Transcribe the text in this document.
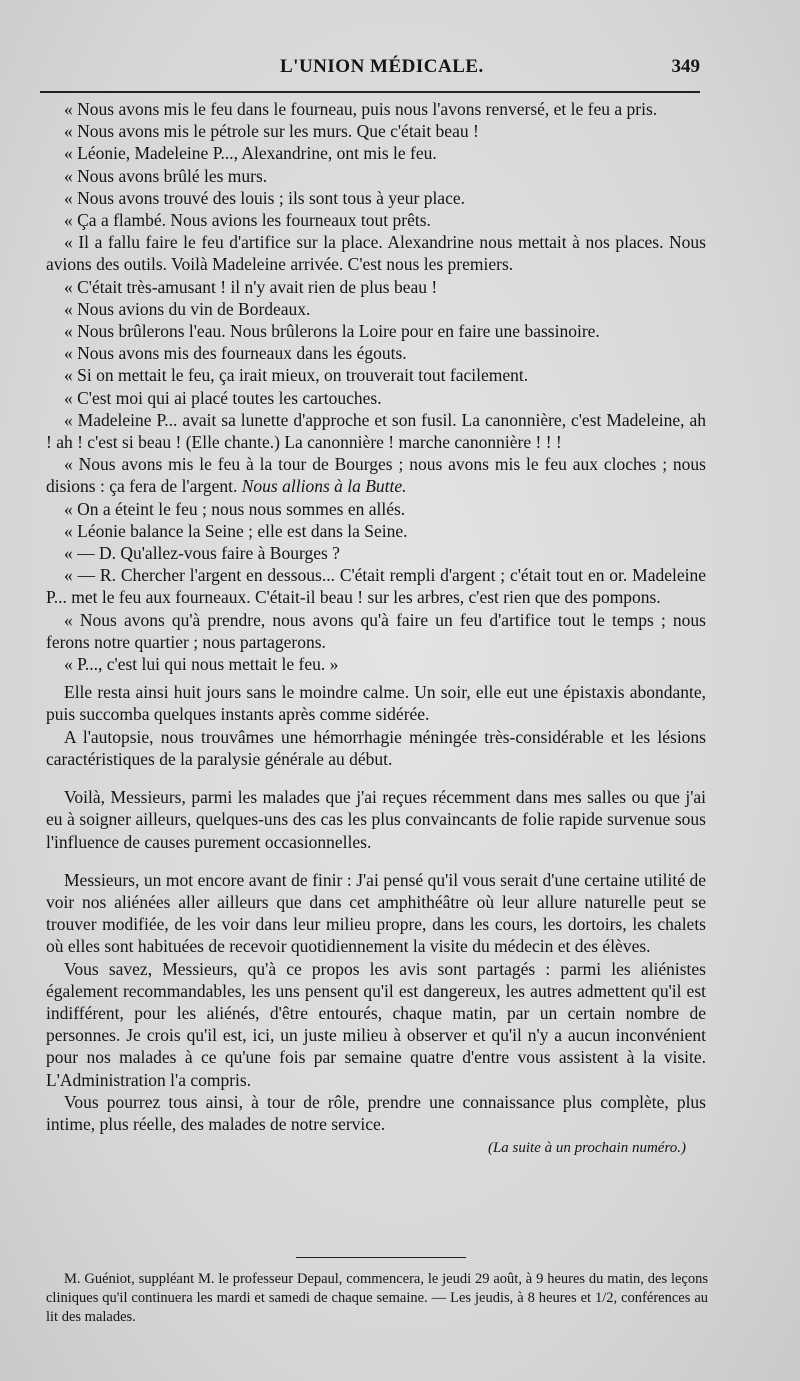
L'UNION MÉDICALE.	349

« Nous avons mis le feu dans le fourneau, puis nous l'avons renversé, et le feu a pris.

« Nous avons mis le pétrole sur les murs. Que c'était beau !

« Léonie, Madeleine P..., Alexandrine, ont mis le feu.

« Nous avons brûlé les murs.

« Nous avons trouvé des louis ; ils sont tous à yeur place.

« Ça a flambé. Nous avions les fourneaux tout prêts.

« Il a fallu faire le feu d'artifice sur la place. Alexandrine nous mettait à nos places. Nous avions des outils. Voilà Madeleine arrivée. C'est nous les premiers.

« C'était très-amusant ! il n'y avait rien de plus beau !

« Nous avions du vin de Bordeaux.

« Nous brûlerons l'eau. Nous brûlerons la Loire pour en faire une bassinoire.

« Nous avons mis des fourneaux dans les égouts.

« Si on mettait le feu, ça irait mieux, on trouverait tout facilement.

« C'est moi qui ai placé toutes les cartouches.

« Madeleine P... avait sa lunette d'approche et son fusil. La canonnière, c'est Madeleine, ah ! ah ! c'est si beau ! (Elle chante.) La canonnière ! marche canonnière ! ! !

« Nous avons mis le feu à la tour de Bourges ; nous avons mis le feu aux cloches ; nous disions : ça fera de l'argent. Nous allions à la Butte.

« On a éteint le feu ; nous nous sommes en allés.

« Léonie balance la Seine ; elle est dans la Seine.

« — D. Qu'allez-vous faire à Bourges ?

« — R. Chercher l'argent en dessous... C'était rempli d'argent ; c'était tout en or. Madeleine P... met le feu aux fourneaux. C'était-il beau ! sur les arbres, c'est rien que des pompons.

« Nous avons qu'à prendre, nous avons qu'à faire un feu d'artifice tout le temps ; nous ferons notre quartier ; nous partagerons.

« P..., c'est lui qui nous mettait le feu. »

Elle resta ainsi huit jours sans le moindre calme. Un soir, elle eut une épistaxis abondante, puis succomba quelques instants après comme sidérée.

A l'autopsie, nous trouvâmes une hémorrhagie méningée très-considérable et les lésions caractéristiques de la paralysie générale au début.

Voilà, Messieurs, parmi les malades que j'ai reçues récemment dans mes salles ou que j'ai eu à soigner ailleurs, quelques-uns des cas les plus convaincants de folie rapide survenue sous l'influence de causes purement occasionnelles.

Messieurs, un mot encore avant de finir : J'ai pensé qu'il vous serait d'une certaine utilité de voir nos aliénées aller ailleurs que dans cet amphithéâtre où leur allure naturelle peut se trouver modifiée, de les voir dans leur milieu propre, dans les cours, les dortoirs, les chalets où elles sont habituées de recevoir quotidiennement la visite du médecin et des élèves.

Vous savez, Messieurs, qu'à ce propos les avis sont partagés : parmi les aliénistes également recommandables, les uns pensent qu'il est dangereux, les autres admettent qu'il est indifférent, pour les aliénés, d'être entourés, chaque matin, par un certain nombre de personnes. Je crois qu'il est, ici, un juste milieu à observer et qu'il n'y a aucun inconvénient pour nos malades à ce qu'une fois par semaine quatre d'entre vous assistent à la visite. L'Administration l'a compris.

Vous pourrez tous ainsi, à tour de rôle, prendre une connaissance plus complète, plus intime, plus réelle, des malades de notre service.

(La suite à un prochain numéro.)

M. Guéniot, suppléant M. le professeur Depaul, commencera, le jeudi 29 août, à 9 heures du matin, des leçons cliniques qu'il continuera les mardi et samedi de chaque semaine. — Les jeudis, à 8 heures et 1/2, conférences au lit des malades.
